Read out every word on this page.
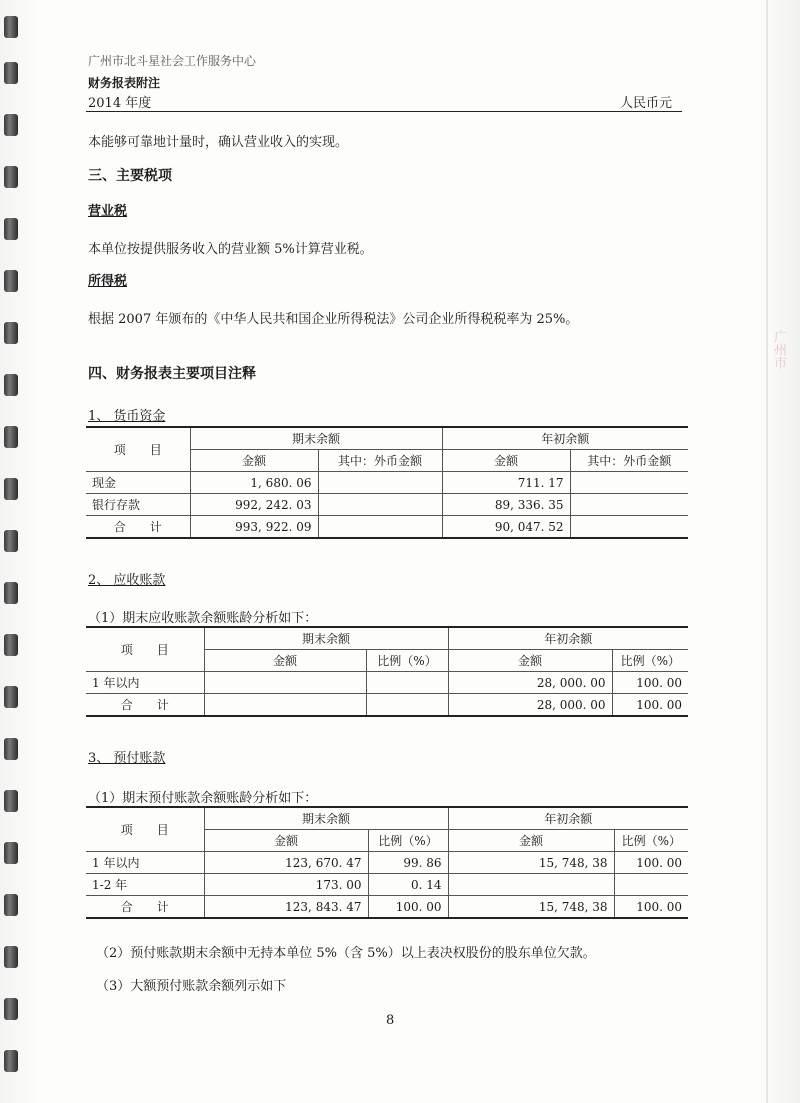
广州市
广州市北斗星社会工作服务中心
财务报表附注
2014 年度	人民币元
本能够可靠地计量时，确认营业收入的实现。
三、主要税项
营业税
本单位按提供服务收入的营业额 5%计算营业税。
所得税
根据 2007 年颁布的《中华人民共和国企业所得税法》公司企业所得税税率为 25%。
四、财务报表主要项目注释
1、 货币资金
项　　目	期末余额		年初余额	
	金额	其中：外币金额	金额	其中：外币金额
现金	1, 680. 06		711. 17	
银行存款	992, 242. 03		89, 336. 35	
合　　计	993, 922. 09		90, 047. 52	
2、 应收账款
（1）期末应收账款余额账龄分析如下：
项　　目	期末余额		年初余额	
	金额	比例（%）	金额	比例（%）
1 年以内			28, 000. 00	100. 00
合　　计			28, 000. 00	100. 00
3、 预付账款
（1）期末预付账款余额账龄分析如下：
项　　目	期末余额		年初余额	
	金额	比例（%）	金额	比例（%）
1 年以内	123, 670. 47	99. 86	15, 748, 38	100. 00
1-2 年	173. 00	0. 14		
合　　计	123, 843. 47	100. 00	15, 748, 38	100. 00
（2）预付账款期末余额中无持本单位 5%（含 5%）以上表决权股份的股东单位欠款。
（3）大额预付账款余额列示如下
8
